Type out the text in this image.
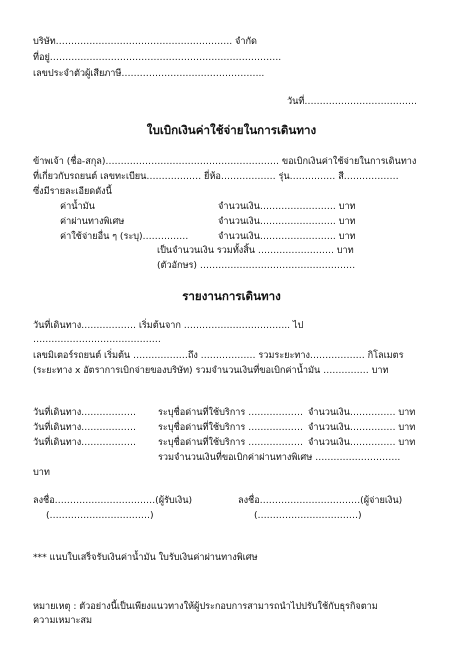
บริษัท…………………………………………………. จำกัด
ที่อยู่………………………………………………………………….
เลขประจำตัวผู้เสียภาษี………………………………………..
วันที่……………………………….
ใบเบิกเงินค่าใช้จ่ายในการเดินทาง
ข้าพเจ้า (ชื่อ-สกุล)………………………………………………… ขอเบิกเงินค่าใช้จ่ายในการเดินทาง
ที่เกี่ยวกับรถยนต์ เลขทะเบียน……………… ยี่ห้อ……………… รุ่น…………… สี………………
ซึ่งมีรายละเอียดดังนี้
ค่าน้ำมัน	จำนวนเงิน……………………. บาท
ค่าผ่านทางพิเศษ	จำนวนเงิน……………………. บาท
ค่าใช้จ่ายอื่น ๆ (ระบุ)……………	จำนวนเงิน……………………. บาท
เป็นจำนวนเงิน รวมทั้งสิ้น ……………………. บาท
(ตัวอักษร) ……………………………………………
รายงานการเดินทาง
วันที่เดินทาง……………… เริ่มต้นจาก …………………………….. ไป
……………………………………
เลขมิเตอร์รถยนต์ เริ่มต้น ………………ถึง ……………… รวมระยะทาง……………… กิโลเมตร
(ระยะทาง x อัตราการเบิกจ่ายของบริษัท) รวมจำนวนเงินที่ขอเบิกค่าน้ำมัน …………… บาท
วันที่เดินทาง……………… ระบุชื่อด่านที่ใช้บริการ ……………… จำนวนเงิน…………… บาท
วันที่เดินทาง……………… ระบุชื่อด่านที่ใช้บริการ ……………… จำนวนเงิน…………… บาท
วันที่เดินทาง……………… ระบุชื่อด่านที่ใช้บริการ ……………… จำนวนเงิน…………… บาท
รวมจำนวนเงินที่ขอเบิกค่าผ่านทางพิเศษ ……………………….
บาท
ลงชื่อ……………………………(ผู้รับเงิน)
(……………………………)
ลงชื่อ……………………………(ผู้จ่ายเงิน)
(……………………………)
*** แนบใบเสร็จรับเงินค่าน้ำมัน ใบรับเงินค่าผ่านทางพิเศษ
หมายเหตุ : ตัวอย่างนี้เป็นเพียงแนวทางให้ผู้ประกอบการสามารถนำไปปรับใช้กับธุรกิจตาม
ความเหมาะสม
